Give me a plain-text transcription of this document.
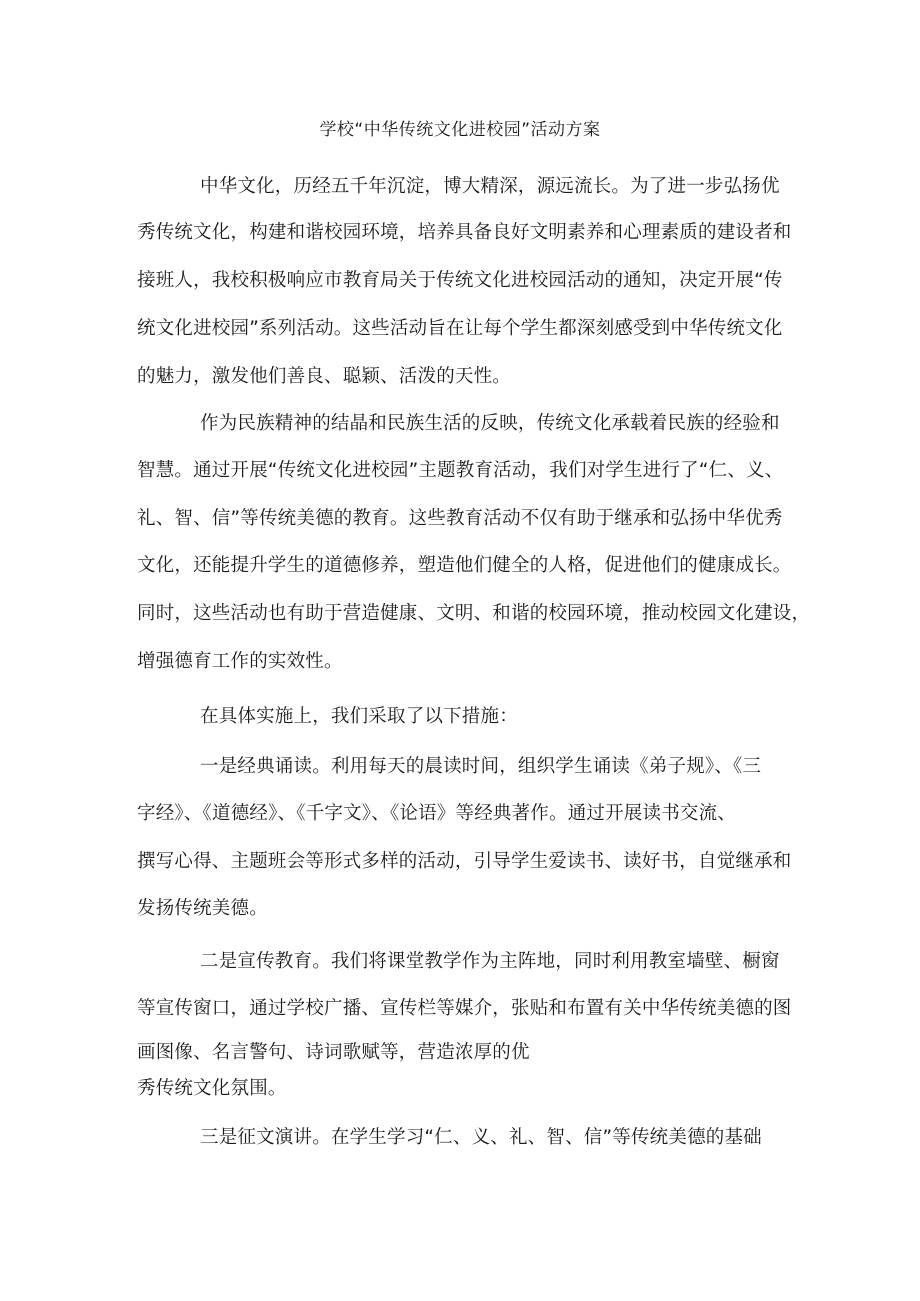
学校“中华传统文化进校园”活动方案
中华文化，历经五千年沉淀，博大精深，源远流长。为了进一步弘扬优
秀传统文化，构建和谐校园环境，培养具备良好文明素养和心理素质的建设者和
接班人，我校积极响应市教育局关于传统文化进校园活动的通知，决定开展“传
统文化进校园”系列活动。这些活动旨在让每个学生都深刻感受到中华传统文化
的魅力，激发他们善良、聪颖、活泼的天性。
作为民族精神的结晶和民族生活的反映，传统文化承载着民族的经验和
智慧。通过开展“传统文化进校园”主题教育活动，我们对学生进行了“仁、义、
礼、智、信”等传统美德的教育。这些教育活动不仅有助于继承和弘扬中华优秀
文化，还能提升学生的道德修养，塑造他们健全的人格，促进他们的健康成长。
同时，这些活动也有助于营造健康、文明、和谐的校园环境，推动校园文化建设，
增强德育工作的实效性。
在具体实施上，我们采取了以下措施：
一是经典诵读。利用每天的晨读时间，组织学生诵读《弟子规》、《三
字经》、《道德经》、《千字文》、《论语》等经典著作。通过开展读书交流、
撰写心得、主题班会等形式多样的活动，引导学生爱读书、读好书，自觉继承和
发扬传统美德。
二是宣传教育。我们将课堂教学作为主阵地，同时利用教室墙壁、橱窗
等宣传窗口，通过学校广播、宣传栏等媒介，张贴和布置有关中华传统美德的图
画图像、名言警句、诗词歌赋等，营造浓厚的优
秀传统文化氛围。
三是征文演讲。在学生学习“仁、义、礼、智、信”等传统美德的基础
